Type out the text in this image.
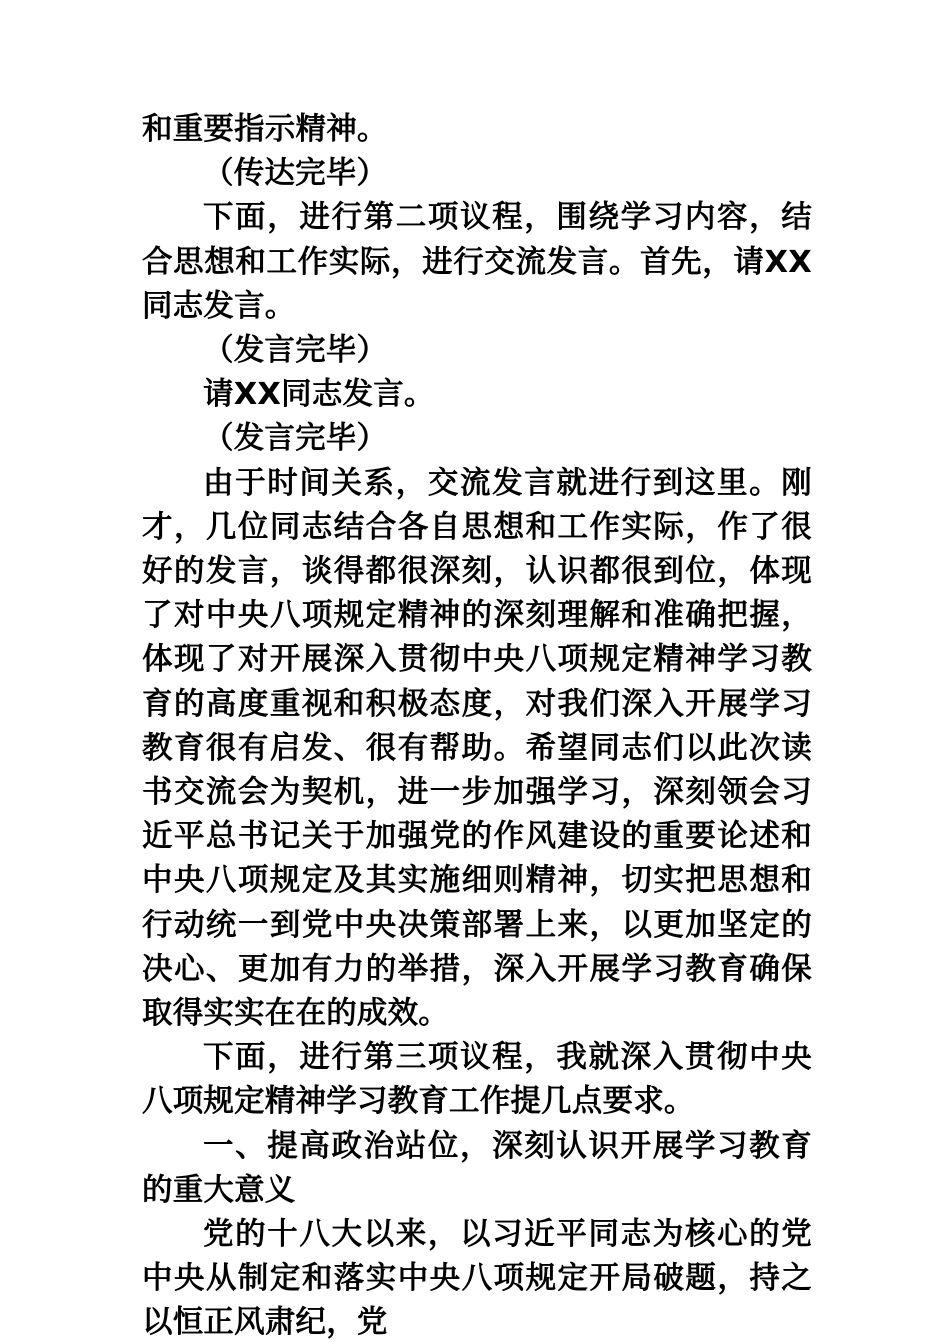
和重要指示精神。

（传达完毕）

下面，进行第二项议程，围绕学习内容，结合思想和工作实际，进行交流发言。首先，请XX同志发言。

（发言完毕）

请XX同志发言。

（发言完毕）

由于时间关系，交流发言就进行到这里。刚才，几位同志结合各自思想和工作实际，作了很好的发言，谈得都很深刻，认识都很到位，体现了对中央八项规定精神的深刻理解和准确把握，体现了对开展深入贯彻中央八项规定精神学习教育的高度重视和积极态度，对我们深入开展学习教育很有启发、很有帮助。希望同志们以此次读书交流会为契机，进一步加强学习，深刻领会习近平总书记关于加强党的作风建设的重要论述和中央八项规定及其实施细则精神，切实把思想和行动统一到党中央决策部署上来，以更加坚定的决心、更加有力的举措，深入开展学习教育确保取得实实在在的成效。

下面，进行第三项议程，我就深入贯彻中央八项规定精神学习教育工作提几点要求。

一、提高政治站位，深刻认识开展学习教育的重大意义

党的十八大以来，以习近平同志为核心的党中央从制定和落实中央八项规定开局破题，持之以恒正风肃纪，党
